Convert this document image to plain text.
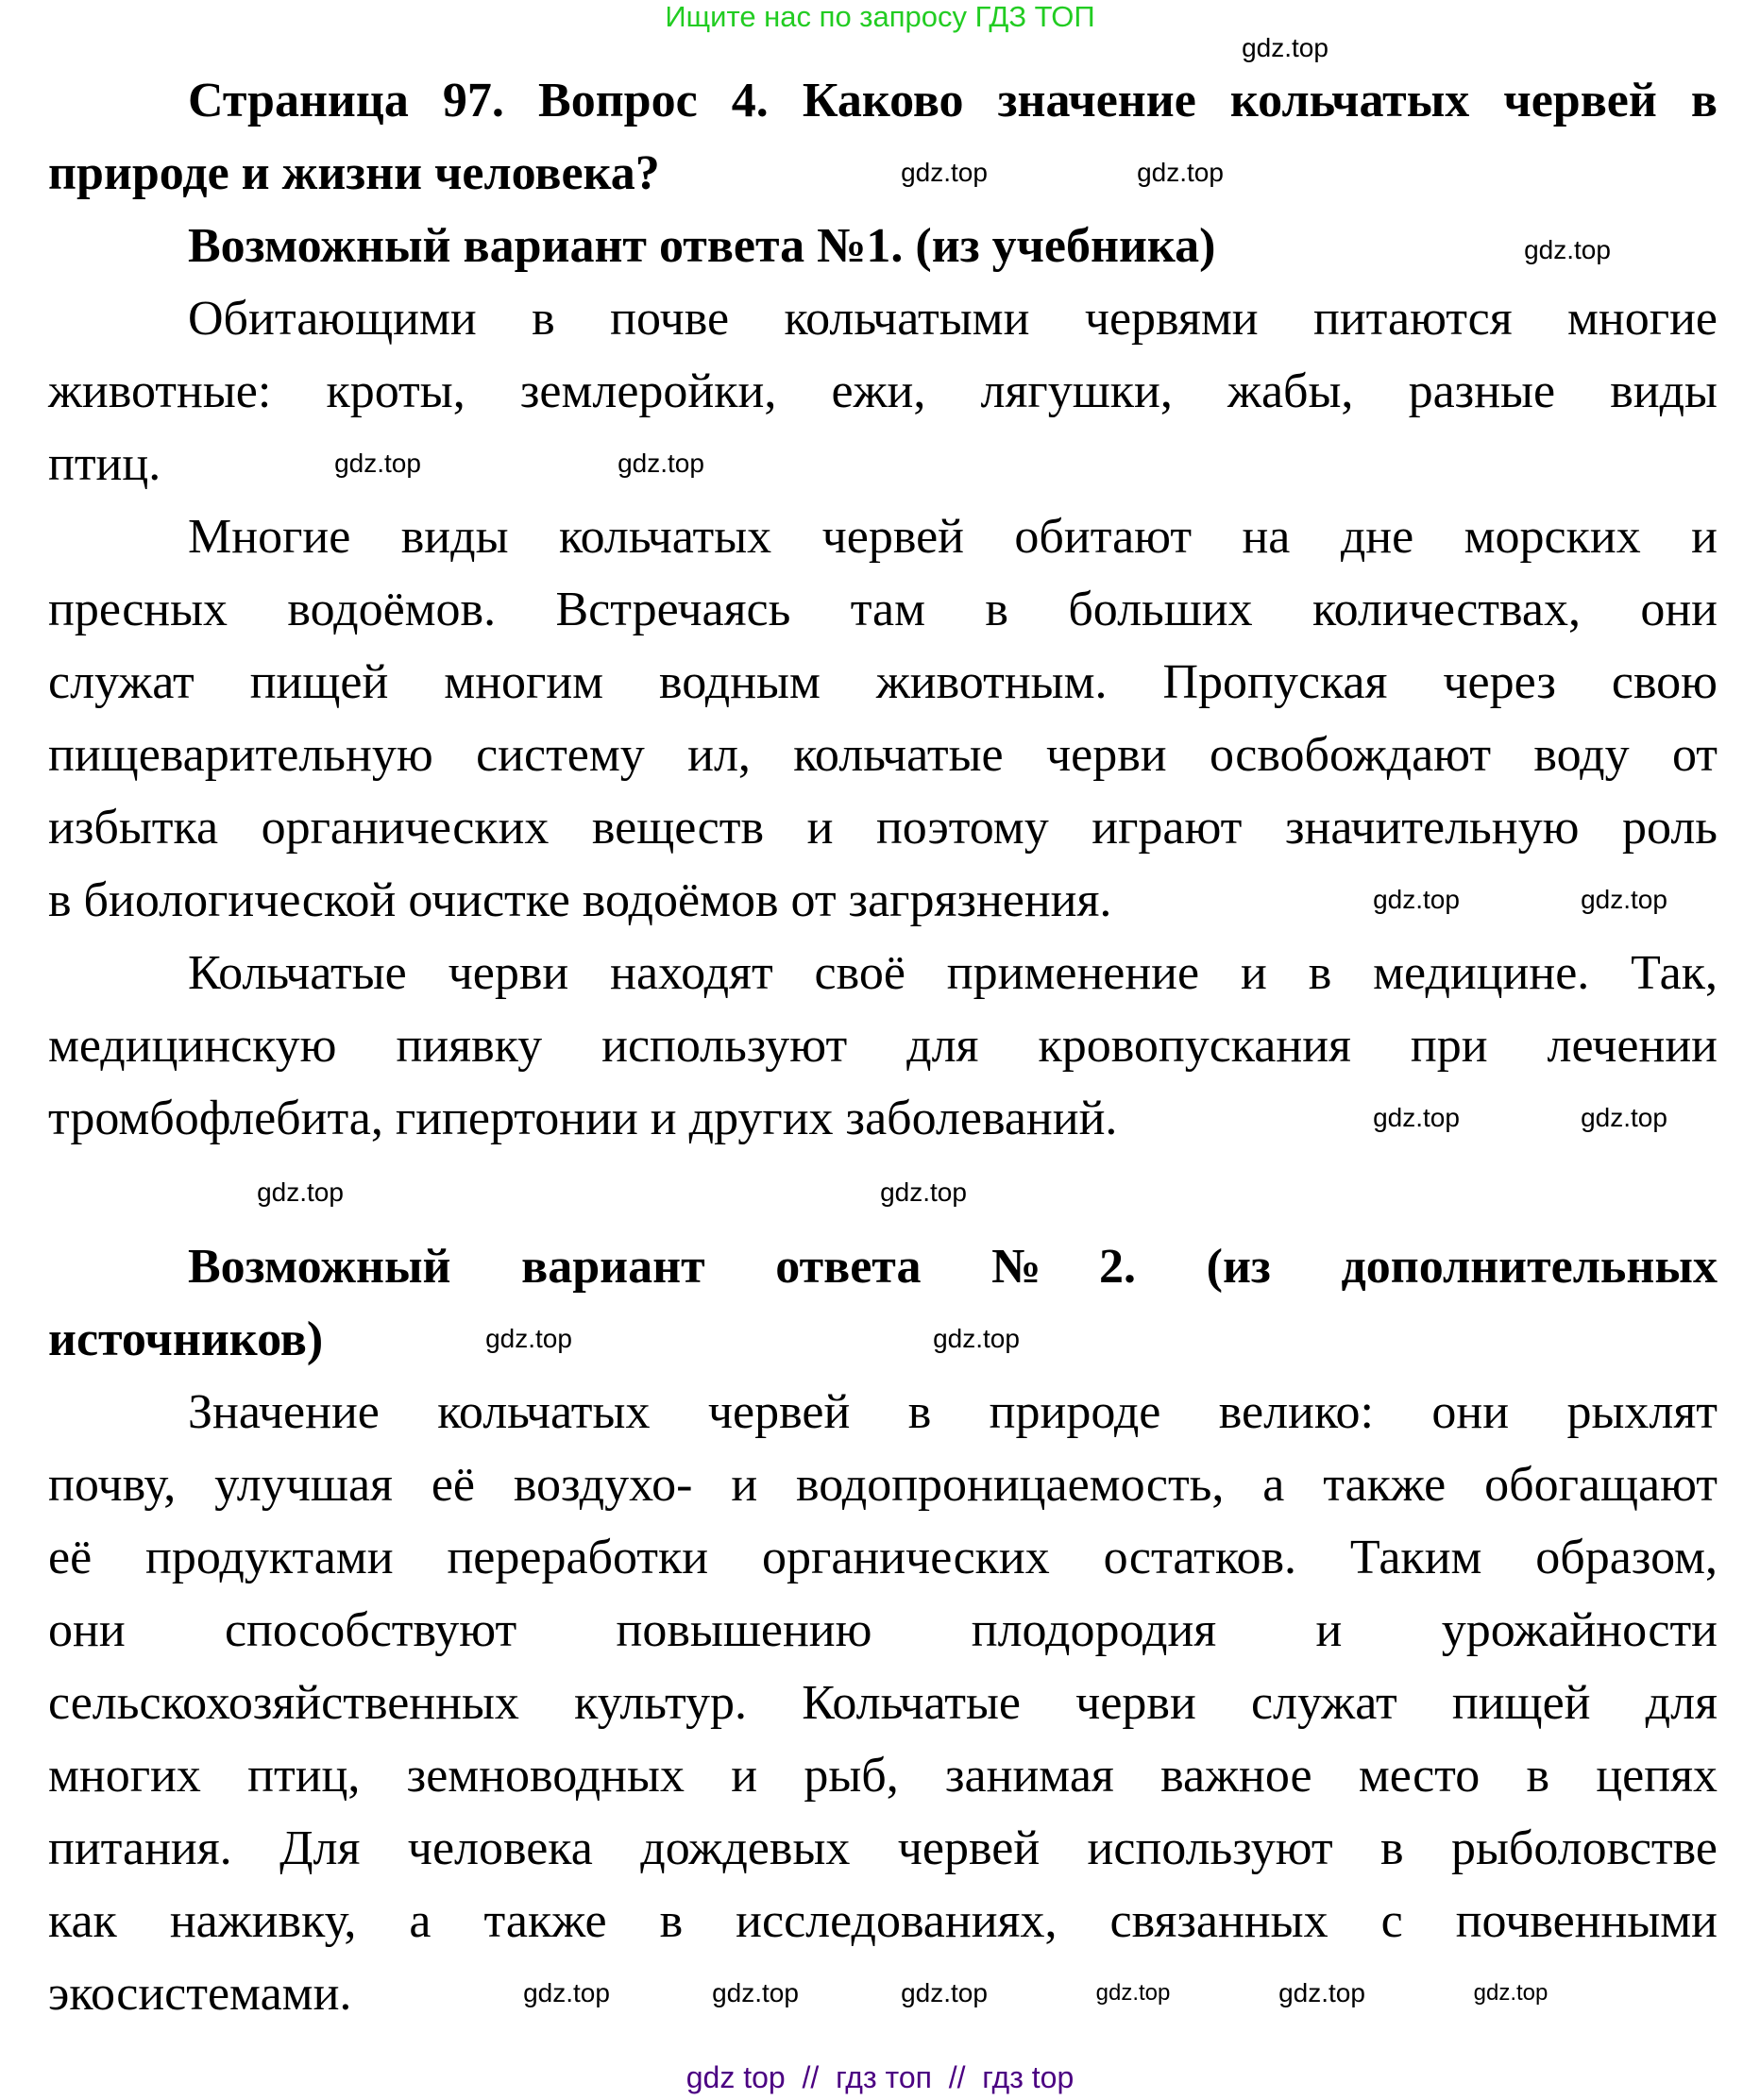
Ищите нас по запросу ГДЗ ТОП
Страница 97. Вопрос 4. Каково значение кольчатых червей в
природе и жизни человека?
Возможный вариант ответа №1. (из учебника)
Обитающими в почве кольчатыми червями питаются многие
животные: кроты, землеройки, ежи, лягушки, жабы, разные виды
птиц.
Многие виды кольчатых червей обитают на дне морских и
пресных водоёмов. Встречаясь там в больших количествах, они
служат пищей многим водным животным. Пропуская через свою
пищеварительную систему ил, кольчатые черви освобождают воду от
избытка органических веществ и поэтому играют значительную роль
в биологической очистке водоёмов от загрязнения.
Кольчатые черви находят своё применение и в медицине. Так,
медицинскую пиявку используют для кровопускания при лечении
тромбофлебита, гипертонии и других заболеваний.
Возможный вариант ответа №2. (из дополнительных
источников)
Значение кольчатых червей в природе велико: они рыхлят
почву, улучшая её воздухо- и водопроницаемость, а также обогащают
её продуктами переработки органических остатков. Таким образом,
они способствуют повышению плодородия и урожайности
сельскохозяйственных культур. Кольчатые черви служат пищей для
многих птиц, земноводных и рыб, занимая важное место в цепях
питания. Для человека дождевых червей используют в рыболовстве
как наживку, а также в исследованиях, связанных с почвенными
экосистемами.
gdz.top
gdz.top	gdz.top
gdz.top
gdz.top	gdz.top
gdz.top	gdz.top
gdz.top	gdz.top
gdz.top	gdz.top
gdz.top	gdz.top
gdz.top	gdz.top	gdz.top	gdz.top	gdz.top	gdz.top
gdz top  //  гдз топ  //  гдз top
